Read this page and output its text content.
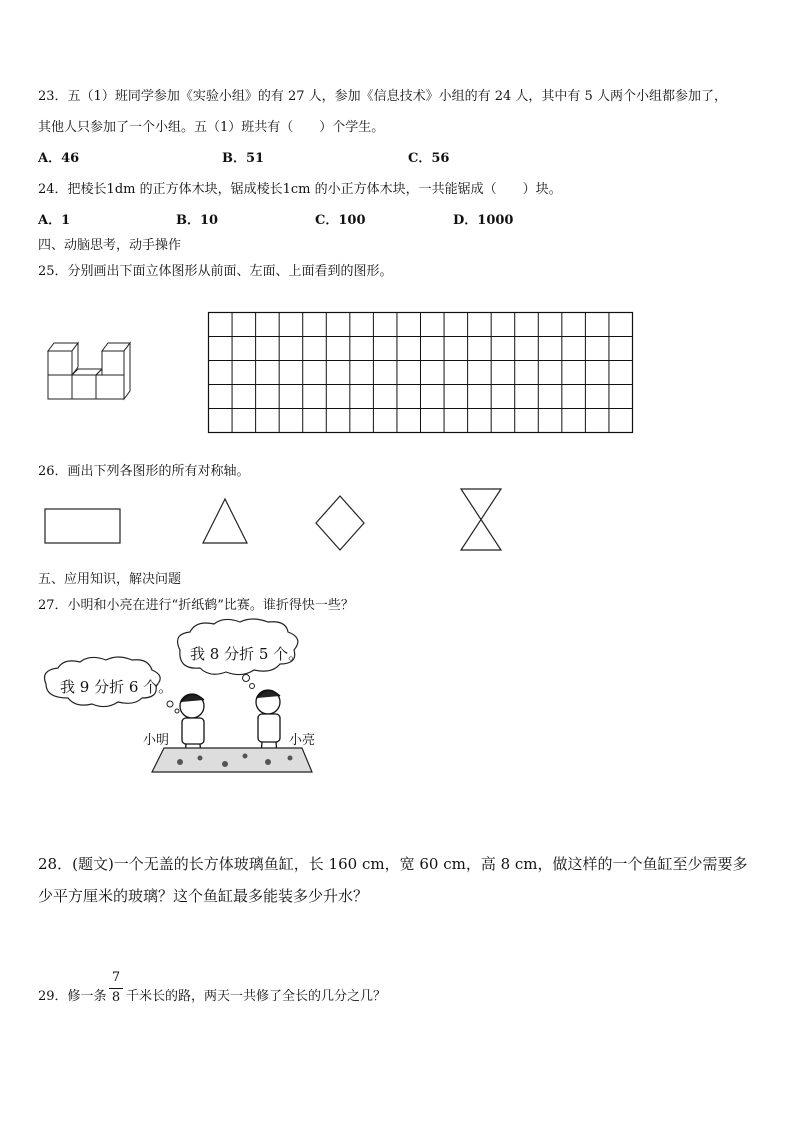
23．五（1）班同学参加《实验小组》的有 27 人，参加《信息技术》小组的有 24 人，其中有 5 人两个小组都参加了，
其他人只参加了一个小组。五（1）班共有（　　）个学生。
A．46	B．51	C．56
24．把棱长1dm 的正方体木块，锯成棱长1cm 的小正方体木块，一共能锯成（　　）块。
A．1	B．10	C．100	D．1000
四、动脑思考，动手操作
25．分别画出下面立体图形从前面、左面、上面看到的图形。
26．画出下列各图形的所有对称轴。
五、应用知识，解决问题
27．小明和小亮在进行“折纸鹤”比赛。谁折得快一些？
我 9 分折 6 个。
我 8 分折 5 个。
小明	小亮
28．(题文)一个无盖的长方体玻璃鱼缸，长 160 cm，宽 60 cm，高 8 cm，做这样的一个鱼缸至少需要多
少平方厘米的玻璃？这个鱼缸最多能装多少升水？
29．修一条
7
8 千米长的路，两天一共修了全长的几分之几？
